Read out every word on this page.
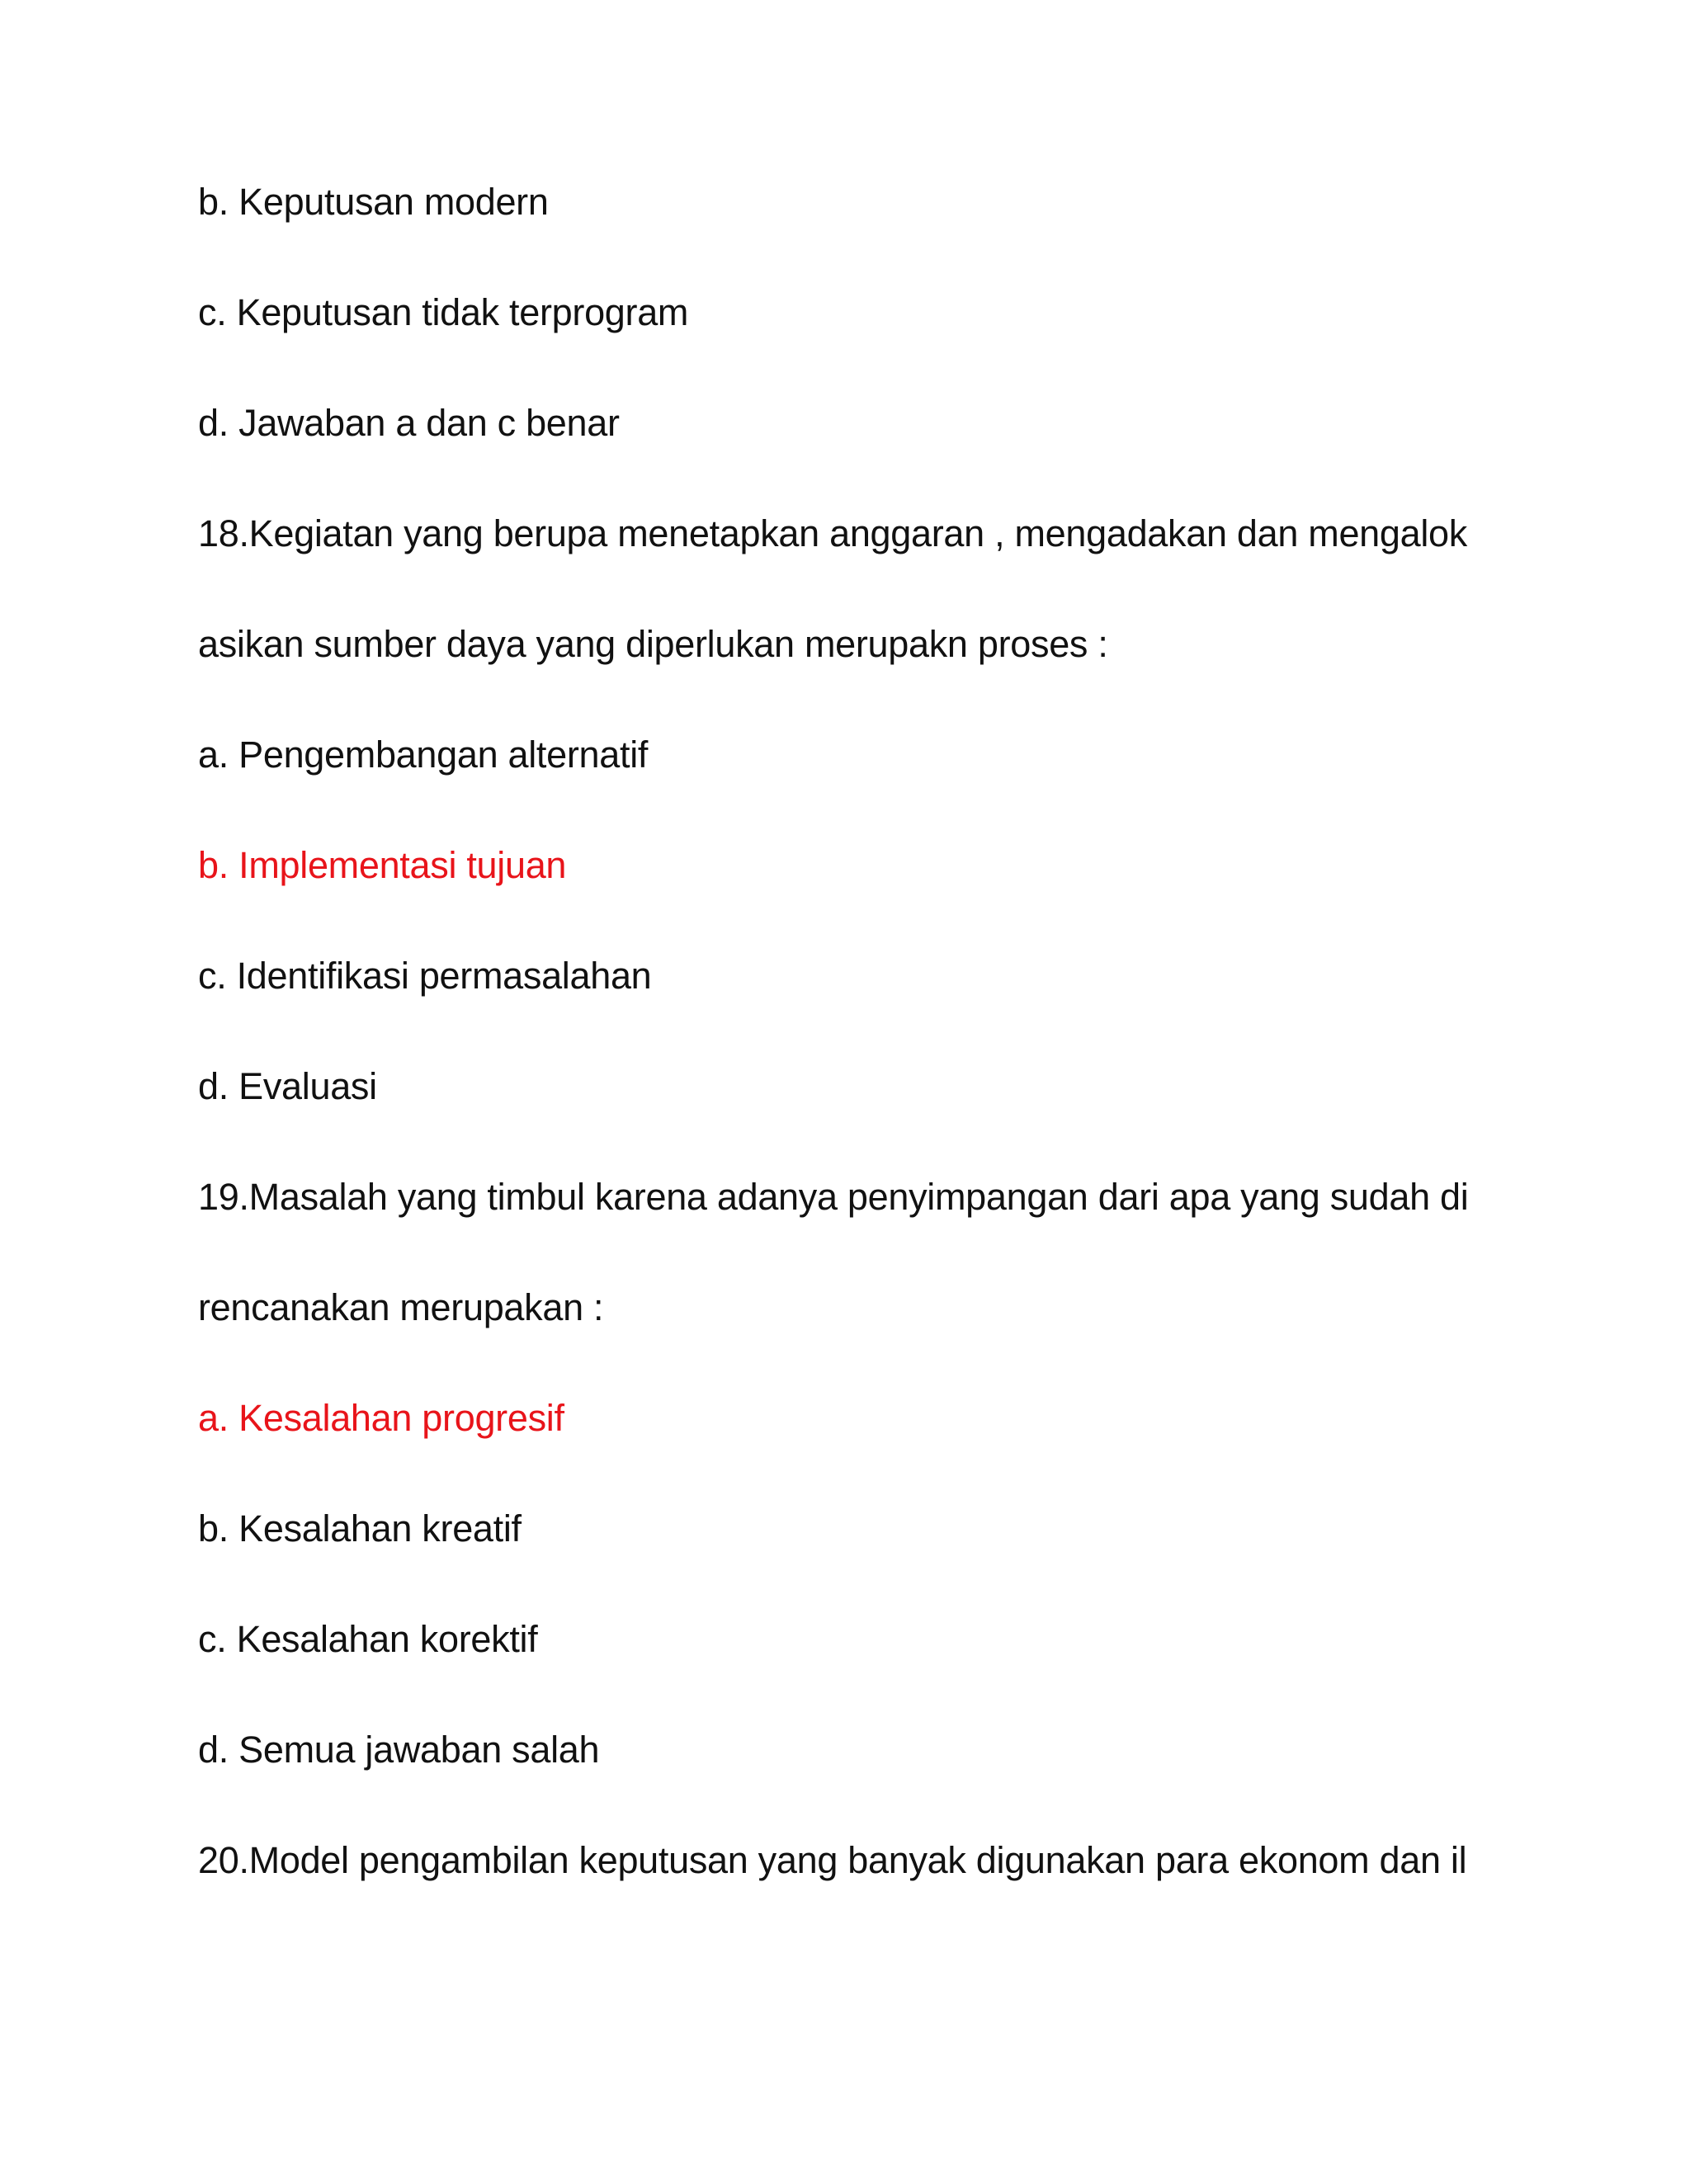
b. Keputusan modern
c. Keputusan tidak terprogram
d. Jawaban a dan c benar
18.Kegiatan yang berupa menetapkan anggaran , mengadakan dan mengalok
asikan sumber daya yang diperlukan merupakn proses :
a. Pengembangan alternatif
b. Implementasi tujuan
c. Identifikasi permasalahan
d. Evaluasi
19.Masalah yang timbul karena adanya penyimpangan dari apa yang sudah di
rencanakan merupakan :
a. Kesalahan progresif
b. Kesalahan kreatif
c. Kesalahan korektif
d. Semua jawaban salah
20.Model pengambilan keputusan yang banyak digunakan para ekonom dan il
